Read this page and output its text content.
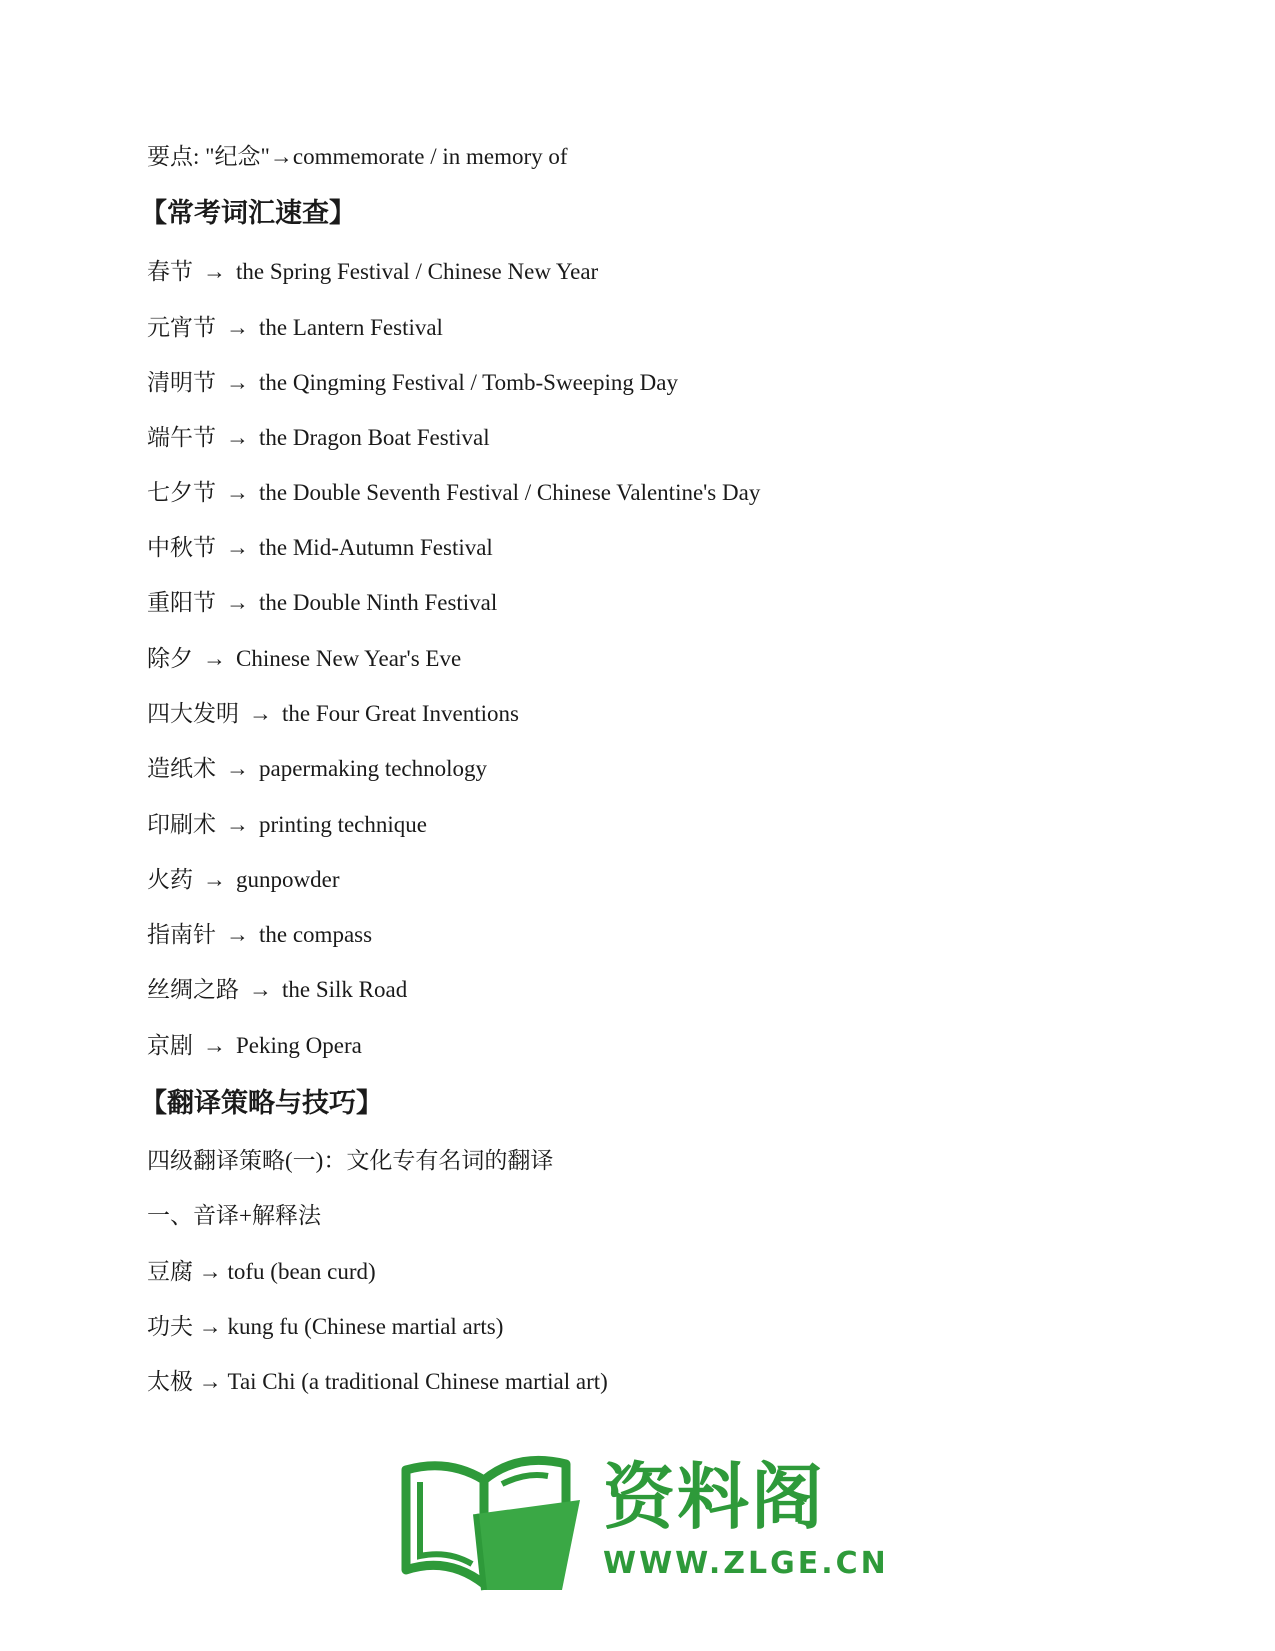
要点: "纪念"→commemorate / in memory of
【常考词汇速查】
春节 → the Spring Festival / Chinese New Year
元宵节 → the Lantern Festival
清明节 → the Qingming Festival / Tomb-Sweeping Day
端午节 → the Dragon Boat Festival
七夕节 → the Double Seventh Festival / Chinese Valentine's Day
中秋节 → the Mid-Autumn Festival
重阳节 → the Double Ninth Festival
除夕 → Chinese New Year's Eve
四大发明 → the Four Great Inventions
造纸术 → papermaking technology
印刷术 → printing technique
火药 → gunpowder
指南针 → the compass
丝绸之路 → the Silk Road
京剧 → Peking Opera
【翻译策略与技巧】
四级翻译策略(一)：文化专有名词的翻译
一、音译+解释法
豆腐 → tofu (bean curd)
功夫 → kung fu (Chinese martial arts)
太极 → Tai Chi (a traditional Chinese martial art)
资料阁
WWW.ZLGE.CN
